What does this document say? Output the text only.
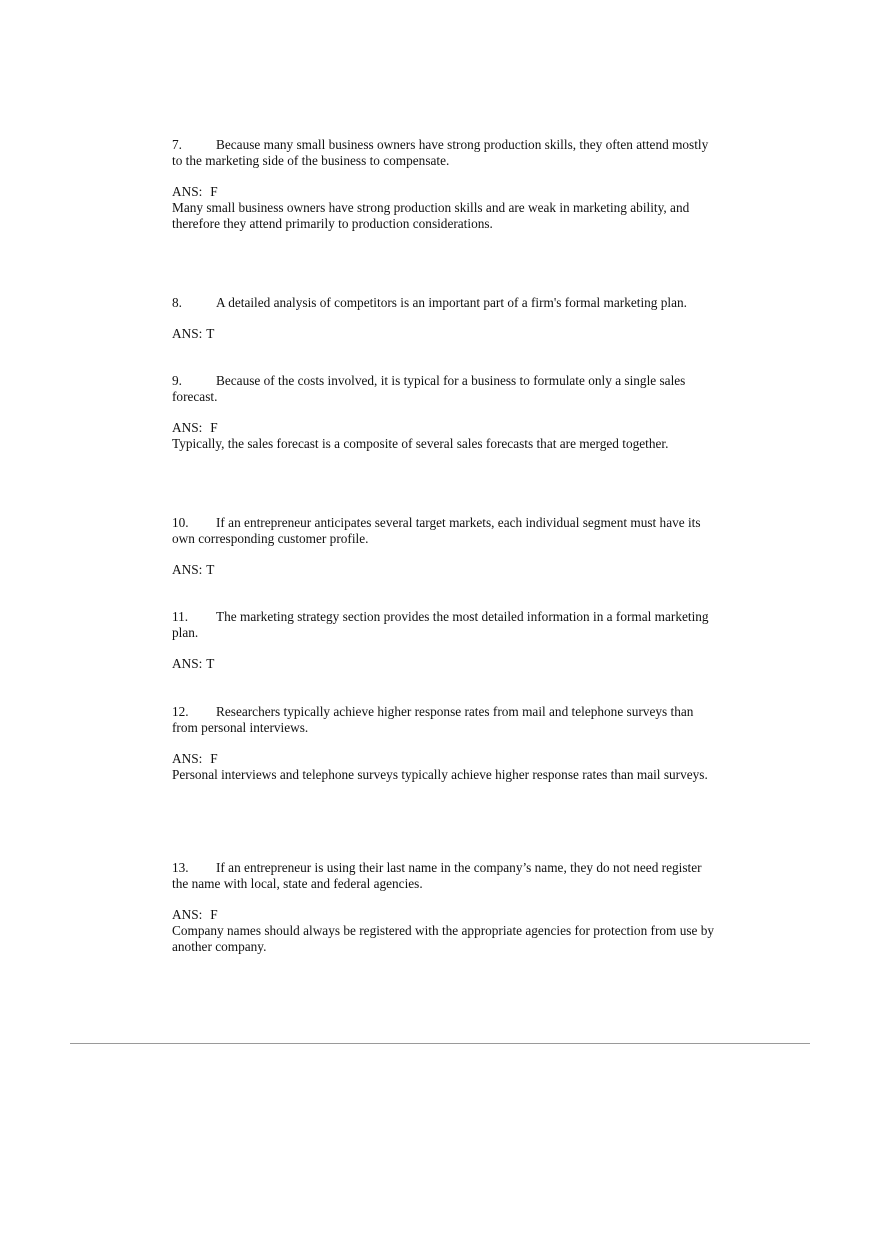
7.	Because many small business owners have strong production skills, they often attend mostly to the marketing side of the business to compensate.

ANS: F

Many small business owners have strong production skills and are weak in marketing ability, and therefore they attend primarily to production considerations.

8.	A detailed analysis of competitors is an important part of a firm's formal marketing plan.

ANS: T

9.	Because of the costs involved, it is typical for a business to formulate only a single sales forecast.

ANS: F

Typically, the sales forecast is a composite of several sales forecasts that are merged together.

10. If an entrepreneur anticipates several target markets, each individual segment must have its own corresponding customer profile.

ANS: T

11. The marketing strategy section provides the most detailed information in a formal marketing plan.

ANS: T

12. Researchers typically achieve higher response rates from mail and telephone surveys than from personal interviews.

ANS: F

Personal interviews and telephone surveys typically achieve higher response rates than mail surveys.

13. If an entrepreneur is using their last name in the company’s name, they do not need register the name with local, state and federal agencies.

ANS: F

Company names should always be registered with the appropriate agencies for protection from use by another company.
